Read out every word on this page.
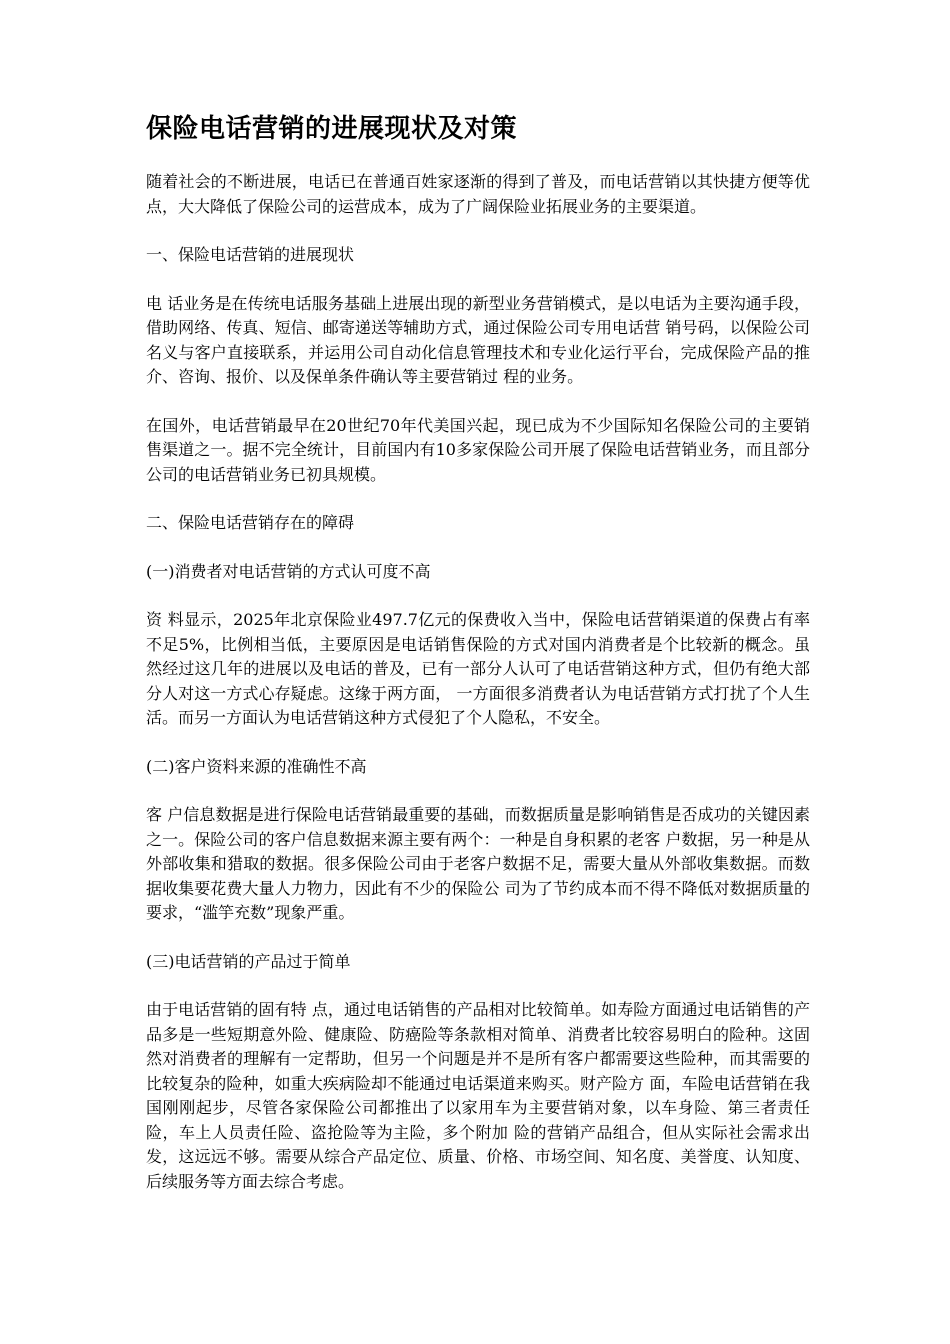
保险电话营销的进展现状及对策
随着社会的不断进展，电话已在普通百姓家逐渐的得到了普及，而电话营销以其快捷方便等优点，大大降低了保险公司的运营成本，成为了广阔保险业拓展业务的主要渠道。
一、保险电话营销的进展现状
电 话业务是在传统电话服务基础上进展出现的新型业务营销模式，是以电话为主要沟通手段，借助网络、传真、短信、邮寄递送等辅助方式，通过保险公司专用电话营 销号码，以保险公司名义与客户直接联系，并运用公司自动化信息管理技术和专业化运行平台，完成保险产品的推介、咨询、报价、以及保单条件确认等主要营销过 程的业务。
在国外，电话营销最早在20世纪70年代美国兴起，现已成为不少国际知名保险公司的主要销售渠道之一。据不完全统计，目前国内有10多家保险公司开展了保险电话营销业务，而且部分公司的电话营销业务已初具规模。
二、保险电话营销存在的障碍
(一)消费者对电话营销的方式认可度不高
资 料显示，2025年北京保险业497.7亿元的保费收入当中，保险电话营销渠道的保费占有率不足5%，比例相当低，主要原因是电话销售保险的方式对国内消费者是个比较新的概念。虽然经过这几年的进展以及电话的普及，已有一部分人认可了电话营销这种方式，但仍有绝大部分人对这一方式心存疑虑。这缘于两方面， 一方面很多消费者认为电话营销方式打扰了个人生活。而另一方面认为电话营销这种方式侵犯了个人隐私，不安全。
(二)客户资料来源的准确性不高
客 户信息数据是进行保险电话营销最重要的基础，而数据质量是影响销售是否成功的关键因素之一。保险公司的客户信息数据来源主要有两个：一种是自身积累的老客 户数据，另一种是从外部收集和猎取的数据。很多保险公司由于老客户数据不足，需要大量从外部收集数据。而数据收集要花费大量人力物力，因此有不少的保险公 司为了节约成本而不得不降低对数据质量的要求，“滥竽充数”现象严重。
(三)电话营销的产品过于简单
由于电话营销的固有特 点，通过电话销售的产品相对比较简单。如寿险方面通过电话销售的产品多是一些短期意外险、健康险、防癌险等条款相对简单、消费者比较容易明白的险种。这固 然对消费者的理解有一定帮助，但另一个问题是并不是所有客户都需要这些险种，而其需要的比较复杂的险种，如重大疾病险却不能通过电话渠道来购买。财产险方 面，车险电话营销在我国刚刚起步，尽管各家保险公司都推出了以家用车为主要营销对象，以车身险、第三者责任险，车上人员责任险、盗抢险等为主险，多个附加 险的营销产品组合，但从实际社会需求出发，这远远不够。需要从综合产品定位、质量、价格、市场空间、知名度、美誉度、认知度、后续服务等方面去综合考虑。
